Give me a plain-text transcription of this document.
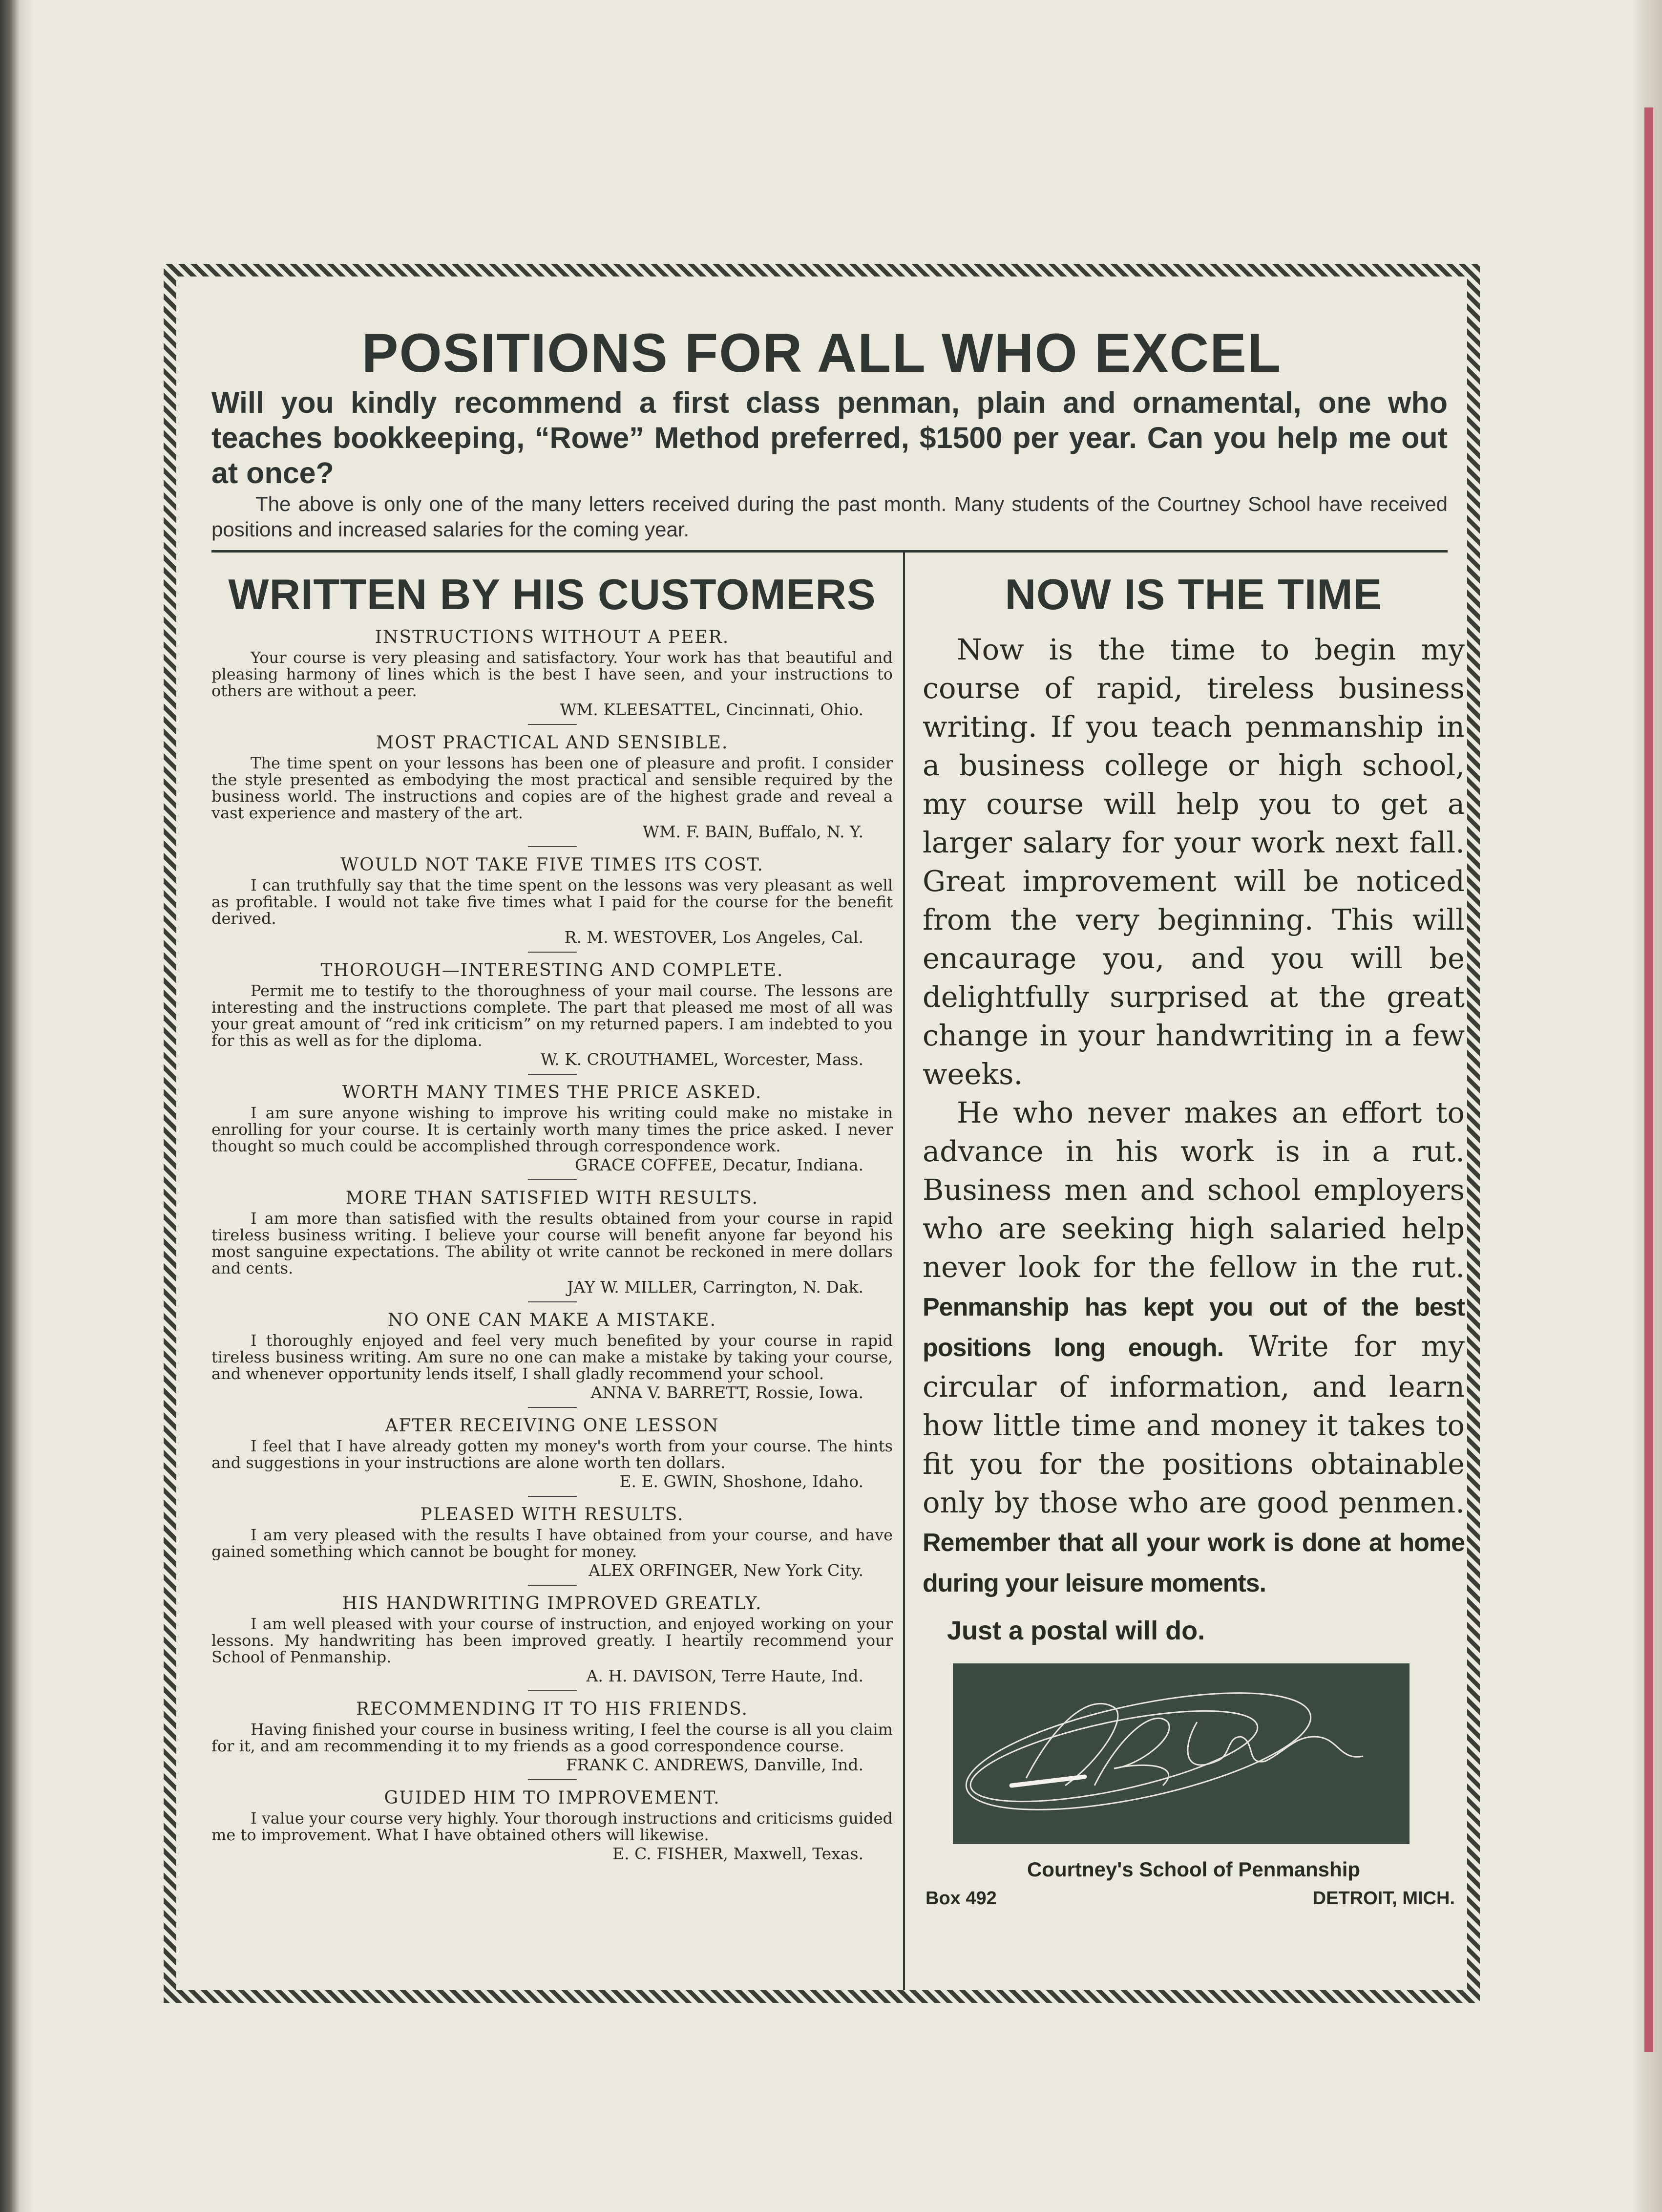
POSITIONS FOR ALL WHO EXCEL
Will you kindly recommend a first class penman, plain and ornamental, one who teaches bookkeeping, “Rowe” Method preferred, $1500 per year. Can you help me out at once?
The above is only one of the many letters received during the past month. Many students of the Courtney School have received positions and increased salaries for the coming year.
WRITTEN BY HIS CUSTOMERS
INSTRUCTIONS WITHOUT A PEER.

Your course is very pleasing and satisfactory. Your work has that beautiful and pleasing harmony of lines which is the best I have seen, and your instructions to others are without a peer.

WM. KLEESATTEL, Cincinnati, Ohio.
MOST PRACTICAL AND SENSIBLE.

The time spent on your lessons has been one of pleasure and profit. I consider the style presented as embodying the most practical and sensible required by the business world. The instructions and copies are of the highest grade and reveal a vast experience and mastery of the art.

WM. F. BAIN, Buffalo, N. Y.
WOULD NOT TAKE FIVE TIMES ITS COST.

I can truthfully say that the time spent on the lessons was very pleasant as well as profitable. I would not take five times what I paid for the course for the benefit derived.

R. M. WESTOVER, Los Angeles, Cal.
THOROUGH—INTERESTING AND COMPLETE.

Permit me to testify to the thoroughness of your mail course. The lessons are interesting and the instructions complete. The part that pleased me most of all was your great amount of “red ink criticism” on my returned papers. I am indebted to you for this as well as for the diploma.

W. K. CROUTHAMEL, Worcester, Mass.
WORTH MANY TIMES THE PRICE ASKED.

I am sure anyone wishing to improve his writing could make no mistake in enrolling for your course. It is certainly worth many times the price asked. I never thought so much could be accomplished through correspondence work.

GRACE COFFEE, Decatur, Indiana.
MORE THAN SATISFIED WITH RESULTS.

I am more than satisfied with the results obtained from your course in rapid tireless business writing. I believe your course will benefit anyone far beyond his most sanguine expectations. The ability ot write cannot be reckoned in mere dollars and cents.

JAY W. MILLER, Carrington, N. Dak.
NO ONE CAN MAKE A MISTAKE.

I thoroughly enjoyed and feel very much benefited by your course in rapid tireless business writing. Am sure no one can make a mistake by taking your course, and whenever opportunity lends itself, I shall gladly recommend your school.

ANNA V. BARRETT, Rossie, Iowa.
AFTER RECEIVING ONE LESSON

I feel that I have already gotten my money's worth from your course. The hints and suggestions in your instructions are alone worth ten dollars.

E. E. GWIN, Shoshone, Idaho.
PLEASED WITH RESULTS.

I am very pleased with the results I have obtained from your course, and have gained something which cannot be bought for money.

ALEX ORFINGER, New York City.
HIS HANDWRITING IMPROVED GREATLY.

I am well pleased with your course of instruction, and enjoyed working on your lessons. My handwriting has been improved greatly. I heartily recommend your School of Penmanship.

A. H. DAVISON, Terre Haute, Ind.
RECOMMENDING IT TO HIS FRIENDS.

Having finished your course in business writing, I feel the course is all you claim for it, and am recommending it to my friends as a good correspondence course.

FRANK C. ANDREWS, Danville, Ind.
GUIDED HIM TO IMPROVEMENT.

I value your course very highly. Your thorough instructions and criticisms guided me to improvement. What I have obtained others will likewise.

E. C. FISHER, Maxwell, Texas.
NOW IS THE TIME

Now is the time to begin my course of rapid, tireless business writing. If you teach penmanship in a business college or high school, my course will help you to get a larger salary for your work next fall. Great improvement will be noticed from the very beginning. This will encaurage you, and you will be delightfully surprised at the great change in your handwriting in a few weeks.

He who never makes an effort to advance in his work is in a rut. Business men and school employers who are seeking high salaried help never look for the fellow in the rut. Penmanship has kept you out of the best positions long enough. Write for my circular of information, and learn how little time and money it takes to fit you for the positions obtainable only by those who are good penmen. Remember that all your work is done at home during your leisure moments.

Just a postal will do.
Courtney's School of Penmanship
Box 492	DETROIT, MICH.
